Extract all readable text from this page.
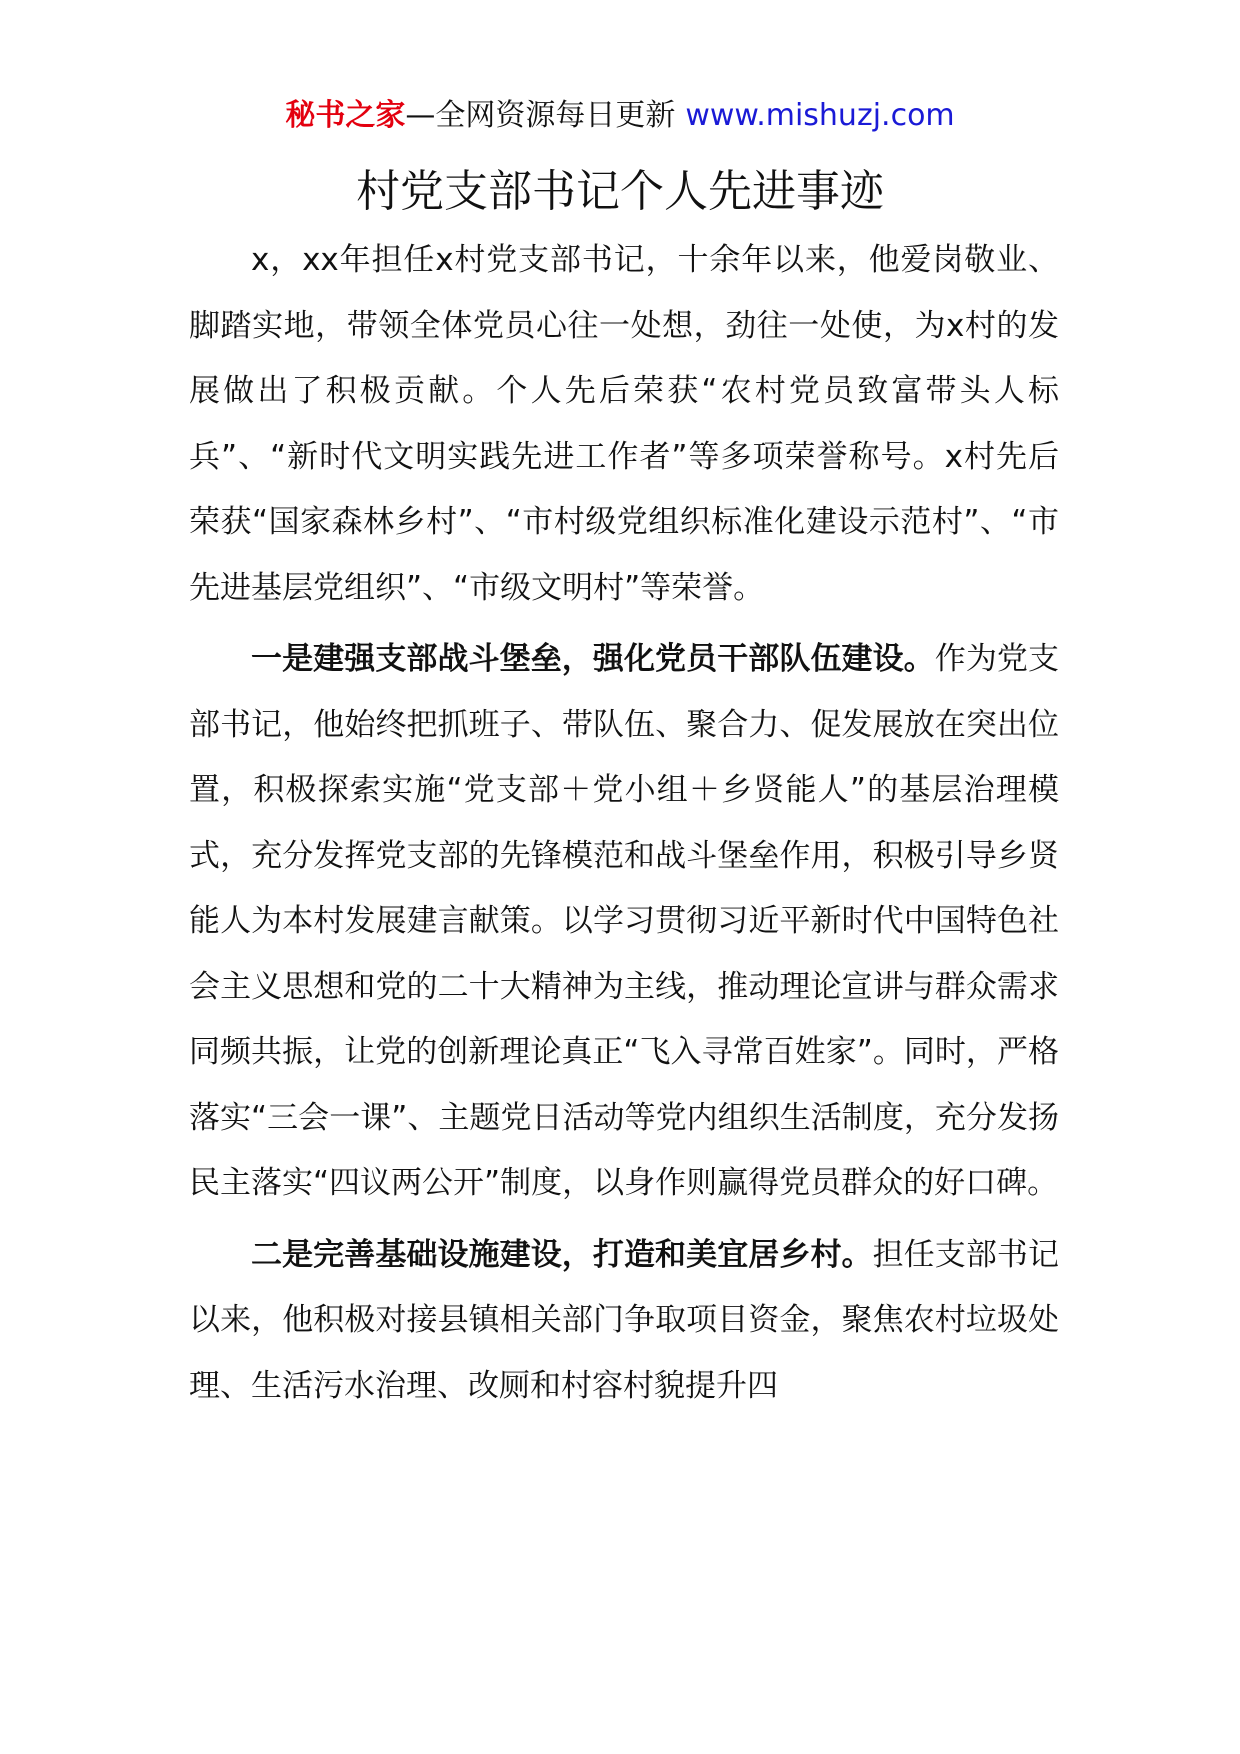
秘书之家—全网资源每日更新 www.mishuzj.com
村党支部书记个人先进事迹

x，xx年担任x村党支部书记，十余年以来，他爱岗敬业、脚踏实地，带领全体党员心往一处想，劲往一处使，为x村的发展做出了积极贡献。个人先后荣获“农村党员致富带头人标兵”、“新时代文明实践先进工作者”等多项荣誉称号。x村先后荣获“国家森林乡村”、“市村级党组织标准化建设示范村”、“市先进基层党组织”、“市级文明村”等荣誉。

一是建强支部战斗堡垒，强化党员干部队伍建设。作为党支部书记，他始终把抓班子、带队伍、聚合力、促发展放在突出位置，积极探索实施“党支部＋党小组＋乡贤能人”的基层治理模式，充分发挥党支部的先锋模范和战斗堡垒作用，积极引导乡贤能人为本村发展建言献策。以学习贯彻习近平新时代中国特色社会主义思想和党的二十大精神为主线，推动理论宣讲与群众需求同频共振，让党的创新理论真正“飞入寻常百姓家”。同时，严格落实“三会一课”、主题党日活动等党内组织生活制度，充分发扬民主落实“四议两公开”制度，以身作则赢得党员群众的好口碑。

二是完善基础设施建设，打造和美宜居乡村。担任支部书记以来，他积极对接县镇相关部门争取项目资金，聚焦农村垃圾处理、生活污水治理、改厕和村容村貌提升四
